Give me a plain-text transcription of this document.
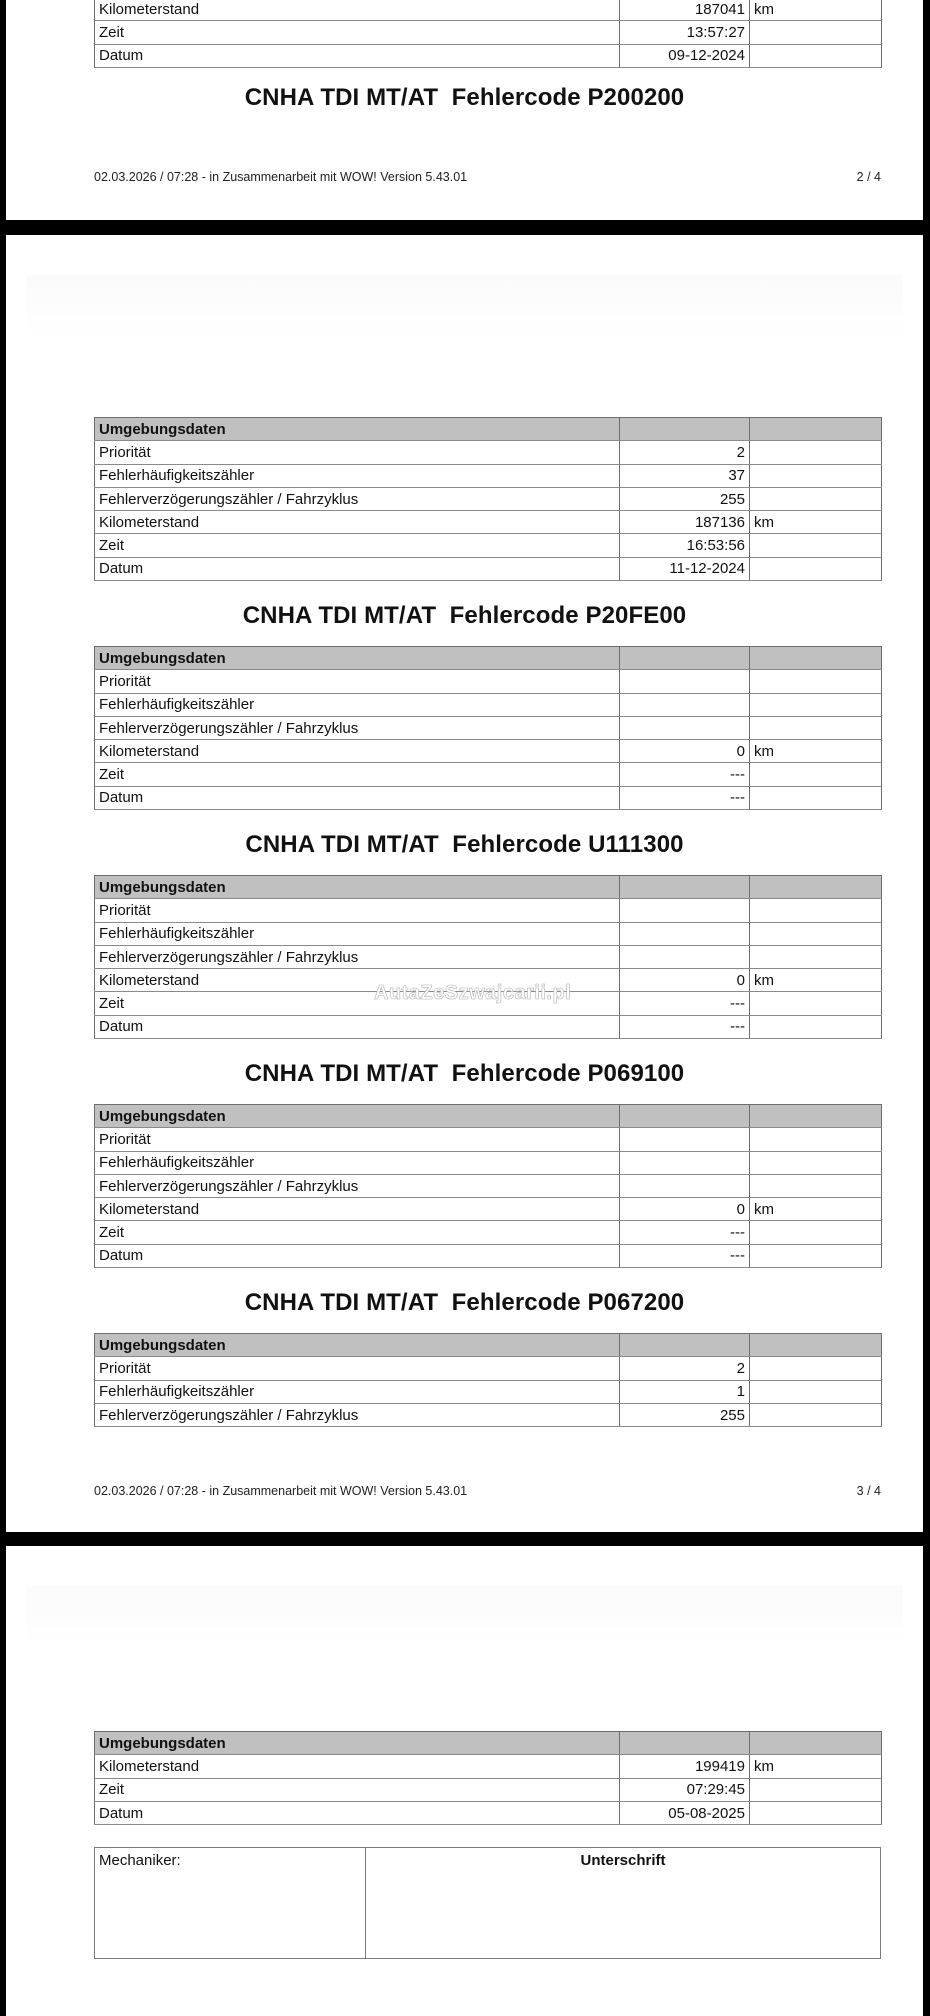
Kilometerstand	187041	km
Zeit	13:57:27	
Datum	09-12-2024	
CNHA TDI MT/AT  Fehlercode P200200
02.03.2026 / 07:28 - in Zusammenarbeit mit WOW! Version 5.43.01	2 / 4
Umgebungsdaten		
Priorität	2	
Fehlerhäufigkeitszähler	37	
Fehlerverzögerungszähler / Fahrzyklus	255	
Kilometerstand	187136	km
Zeit	16:53:56	
Datum	11-12-2024	
CNHA TDI MT/AT  Fehlercode P20FE00
Umgebungsdaten		
Priorität		
Fehlerhäufigkeitszähler		
Fehlerverzögerungszähler / Fahrzyklus		
Kilometerstand	0	km
Zeit	---	
Datum	---	
CNHA TDI MT/AT  Fehlercode U111300
Umgebungsdaten		
Priorität		
Fehlerhäufigkeitszähler		
Fehlerverzögerungszähler / Fahrzyklus		
Kilometerstand	0	km
Zeit	---	
Datum	---	
CNHA TDI MT/AT  Fehlercode P069100
Umgebungsdaten		
Priorität		
Fehlerhäufigkeitszähler		
Fehlerverzögerungszähler / Fahrzyklus		
Kilometerstand	0	km
Zeit	---	
Datum	---	
CNHA TDI MT/AT  Fehlercode P067200
Umgebungsdaten		
Priorität	2	
Fehlerhäufigkeitszähler	1	
Fehlerverzögerungszähler / Fahrzyklus	255	
02.03.2026 / 07:28 - in Zusammenarbeit mit WOW! Version 5.43.01	3 / 4
AutaZeSzwajcarii.pl
Umgebungsdaten		
Kilometerstand	199419	km
Zeit	07:29:45	
Datum	05-08-2025	
Mechaniker:	Unterschrift
